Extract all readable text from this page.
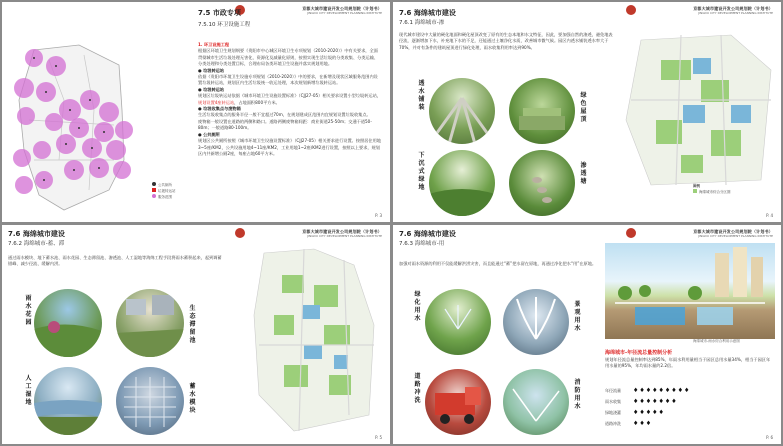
京都大城市建设开发公司规划院（计划书）
JINGDU CITY DEVELOPMENT PLANNING INSTITUTE
公共厕所
垃圾转运站
服务范围
7.5 市政专项
7.5.10 环卫设施工程
1. 环卫设施工程
根据区环境卫生规划纲要《贵阳市中心城区环境卫生专项规划（2010-2020）》中有关要求，全面贯彻城市生活垃圾处理无害化、资源化及减量化原则，按照实现生活垃圾的分类收集、分类运输、分类处理和分类处置目标，合理布局各类环境卫生设施并落实规划用地。
● 垃圾转运站
依据《贵阳市环境卫生设施专项规划（2010-2020）》中的要求，在新增及现状区域服务范围内设置垃圾转运站，规划区内生活垃圾统一收运处理，本次规划新增垃圾转运站。
● 垃圾转运站
规划区垃圾转运站依据《城市环境卫生设施设置标准》（CJJ27-05）相关要求设置小型垃圾转运站，规划设置4座转运站，占地面积800平方米。
● 垃圾收集点与废物箱
生活垃圾收集点的服务半径一般不宜超过70m，在规划建成区范围内宜规划设置垃圾收集点。
废物箱一般设置在道路的两侧和路口。道路两侧废物箱间距：商业街道25-50m；交通干道50-80m；一般道路80-100m。
● 公共厕所
规划区公共厕所按照《城市环境卫生设施设置标准》（CJJ27-05）相关要求进行设置。按照居住用地3~5座/KM2，公共设施用地4~11座/KM2，工业用地1~2座/KM2进行设置，按照以上要求，规划区内共新增公厕2座，每座占地60平方米。
P. 3
京都大城市建设开发公司规划院（计划书）
JINGDU CITY DEVELOPMENT PLANNING INSTITUTE
7.6 海绵城市建设
7.6.1 海绵城市-渗
现代城市建设中大量的硬化地面和硬化屋顶改变了原有的生态本地和水文特征，因此，要加强自然的渗透，避免地表径流，逐渐增加下水，补充地下水的不足，还能通过土壤净化水质，改善城市微气候。园区内透水铺装透水率大于70%，并对有条件的建筑屋顶进行绿化处理，雨水收集利用率达到90%。
透水铺装
绿色屋顶
下沉式绿地
渗透塘
图例
海绵城市综合分区图
P. 4
京都大城市建设开发公司规划院（计划书）
JINGDU CITY DEVELOPMENT PLANNING INSTITUTE
7.6 海绵城市建设
7.6.2 海绵城市-蓄、滞
通过雨水模块、地下蓄水池、雨水花园、生态滞留池、渗透池、人工湿地等海绵工程手段将雨水蓄积起来，起到调蓄错峰、减少径流、缓解内涝。
雨水花园
生态滞留池
蓄水模块
人工湿地
P. 5
京都大城市建设开发公司规划院（计划书）
JINGDU CITY DEVELOPMENT PLANNING INSTITUTE
7.6 海绵城市建设
7.6.3 海绵城市-用
加强对雨水资源的利用不仅能缓解洪涝灾害，而且能通过“蓄”把水留在原地，再通过净化把水“用”在原地。
绿化用水
景观用水
道路冲洗
消防用水
海绵城市-雨水综合利用示意图
海绵城市-年径流总量控制分析
规划年径流总量控制率达到85%，年雨水利用量相当于园区总用水量34%，相当于园区年用水量的95%，年均雨水量约2.2倍。
年径流量	♦♦♦♦♦♦♦♦♦
雨水收集	♦♦♦♦♦♦♦
绿地浇灌	♦♦♦♦♦
道路冲洗	♦♦♦
P. 6
